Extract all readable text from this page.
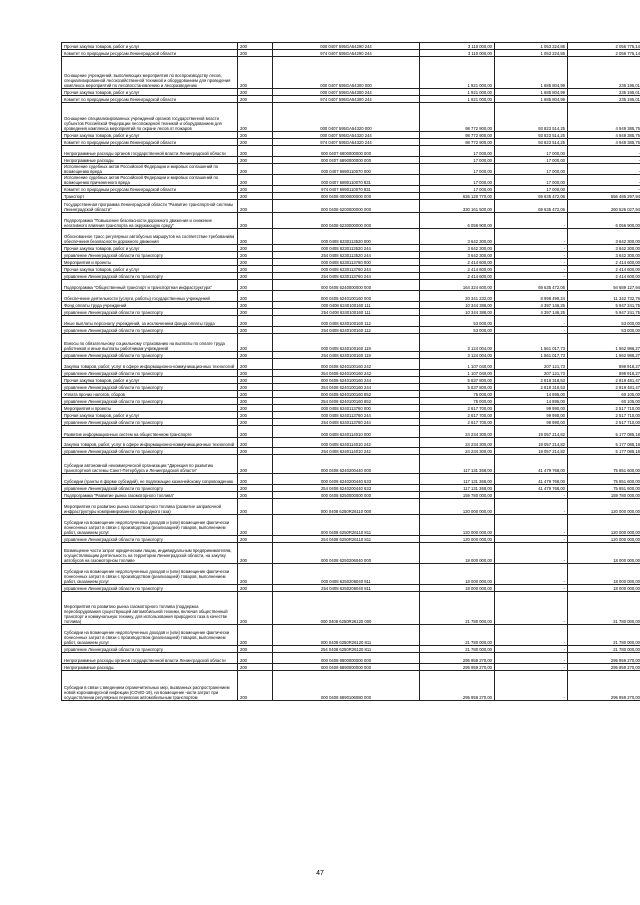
Прочая закупка товаров, работ и услуг	200	000 0407 595GA54290 244	3 110 000,00	1 053 224,86	2 056 775,14
Комитет по природным ресурсам Ленинградской области	200	974 0407 595GA54290 244	3 110 000,00	1 053 224,86	2 056 775,14
Оснащение учреждений, выполняющих мероприятия по воспроизводству лесов, специализированной лесохозяйственной техникой и оборудованием для проведения комплекса мероприятий по лесовосстановлению и лесоразведению	200	000 0407 595GA54300 000	1 921 000,00	1 685 804,99	235 195,01
Прочая закупка товаров, работ и услуг	200	000 0407 595GA54300 244	1 921 000,00	1 685 804,99	235 195,01
Комитет по природным ресурсам Ленинградской области	200	974 0407 595GA54300 244	1 921 000,00	1 685 804,99	235 195,01
Оснащение специализированных учреждений органов государственной власти субъектов Российской Федерации лесопожарной техникой и оборудованием для проведения комплекса мероприятий по охране лесов от пожаров	200	000 0407 595GA54320 000	98 772 900,00	93 823 514,25	4 949 385,75
Прочая закупка товаров, работ и услуг	200	000 0407 595GA54320 244	98 772 900,00	93 823 514,25	4 949 385,75
Комитет по природным ресурсам Ленинградской области	200	974 0407 595GA54320 244	98 772 900,00	93 823 514,25	4 949 385,75
Непрограммные расходы органов государственной власти Ленинградской области	200	000 0407 6800000000 000	17 000,00	17 000,00	-
Непрограммные расходы	200	000 0407 6890000000 000	17 000,00	17 000,00	-
Исполнение судебных актов Российской Федерации и мировых соглашений по возмещению вреда	200	000 0407 6890110070 000	17 000,00	17 000,00	-
Исполнение судебных актов Российской Федерации и мировых соглашений по возмещению причиненного вреда	200	000 0407 6890110070 831	17 000,00	17 000,00	-
Комитет по природным ресурсам Ленинградской области	200	974 0407 6890110070 831	17 000,00	17 000,00	-
Транспорт	200	000 0408 0000000000 000	626 120 770,00	69 635 472,06	556 485 297,94
Государственная программа Ленинградской области "Развитие транспортной системы Ленинградской области"	200	000 0408 6200000000 000	330 161 500,00	69 635 472,06	260 526 027,94
Подпрограмма "Повышение безопасности дорожного движения и снижение негативного влияния транспорта на окружающую среду"	200	000 0408 6230000000 000	6 056 900,00	-	6 056 900,00
Обоснованное трасс регулярных автобусных маршрутов на соответствие требованиям обеспечения безопасности дорожного движения	200	000 0408 6230113520 000	3 642 300,00	-	3 642 300,00
Прочая закупка товаров, работ и услуг	200	000 0408 6230113520 244	3 642 300,00	-	3 642 300,00
управление Ленинградской области по транспорту	200	254 0408 6230113520 244	3 642 300,00	-	3 642 300,00
Мероприятия и проекты	200	000 0408 6230113760 000	2 414 600,00	-	2 414 600,00
Прочая закупка товаров, работ и услуг	200	000 0408 6230113760 244	2 414 600,00	-	2 414 600,00
управление Ленинградской области по транспорту	200	254 0408 6230113760 244	2 414 600,00	-	2 414 600,00
Подпрограмма "Общественный транспорт и транспортная инфраструктура"	200	000 0408 6240000000 000	164 324 600,00	69 635 472,06	94 689 127,94
Обеспечение деятельности (услуги, работы) государственных учреждений	200	000 0408 6240100160 000	20 341 232,00	8 998 499,24	11 342 732,76
Фонд оплаты труда учреждений	200	000 0408 6240100160 111	10 344 388,00	4 397 146,25	5 947 241,75
управление Ленинградской области по транспорту	200	254 0408 6240100160 111	10 344 388,00	4 397 146,25	5 947 241,75
Иные выплаты персоналу учреждений, за исключением фонда оплаты труда	200	000 0408 6240100160 112	53 000,00	-	53 000,00
управление Ленинградской области по транспорту	200	254 0408 6240100160 112	53 000,00	-	53 000,00
Взносы по обязательному социальному страхованию на выплаты по оплате труда работников и иные выплаты работникам учреждений	200	000 0408 6240100160 119	3 124 004,00	1 561 017,73	1 562 986,27
управление Ленинградской области по транспорту	200	254 0408 6240100160 119	3 124 004,00	1 561 017,73	1 562 986,27
Закупка товаров, работ, услуг в сфере информационно-коммуникационных технологий	200	000 0408 6240100160 242	1 107 040,00	207 121,73	899 918,27
управление Ленинградской области по транспорту	200	254 0408 6240100160 242	1 107 040,00	207 121,73	899 918,27
Прочая закупка товаров, работ и услуг	200	000 0408 6240100160 244	5 637 800,00	2 818 318,53	2 819 481,47
управление Ленинградской области по транспорту	200	254 0408 6240100160 244	5 637 800,00	2 818 318,53	2 819 481,47
Уплата прочих налогов, сборов	200	000 0408 6240100160 852	75 000,00	14 895,00	60 105,00
управление Ленинградской области по транспорту	200	254 0408 6240100160 852	75 000,00	14 895,00	60 105,00
Мероприятия и проекты	200	000 0408 6240113760 000	2 617 700,00	99 990,00	2 517 710,00
Прочая закупка товаров, работ и услуг	200	000 0408 6240113760 244	2 617 700,00	99 990,00	2 517 710,00
управление Ленинградской области по транспорту	200	254 0408 6240113760 244	2 617 700,00	99 990,00	2 517 710,00
Развитие информационных систем на общественном транспорте	200	000 0408 6240114010 000	24 234 300,00	19 057 214,82	5 177 085,18
Закупка товаров, работ, услуг в сфере информационно-коммуникационных технологий	200	000 0408 6240114010 242	24 234 300,00	19 057 214,82	5 177 085,18
управление Ленинградской области по транспорту	200	254 0408 6240114010 242	24 234 300,00	19 057 214,82	5 177 085,18
Субсидии автономной некоммерческой организации "Дирекция по развитию транспортной системы Санкт-Петербурга и Ленинградской области"	200	000 0408 6240200440 000	117 131 368,00	41 479 768,00	75 651 600,00
Субсидии (гранты в форме субсидий), не подлежащие казначейскому сопровождению	200	000 0408 6240200440 633	117 131 368,00	41 479 768,00	75 651 600,00
управление Ленинградской области по транспорту	200	254 0408 6240200440 633	117 131 368,00	41 479 768,00	75 651 600,00
Подпрограмма "Развитие рынка газомоторного топлива"	200	000 0408 6250000000 000	159 780 000,00	-	159 780 000,00
Мероприятия по развитию рынка газомоторного топлива (развитие заправочной инфраструктуры компримированного природного газа)	200	000 0408 6250R26110 000	120 000 000,00	-	120 000 000,00
Субсидии на возмещение недополученных доходов и (или) возмещение фактически понесенных затрат в связи с производством (реализацией) товаров, выполнением работ, оказанием услуг	200	000 0408 6250R26110 811	120 000 000,00	-	120 000 000,00
управление Ленинградской области по транспорту	200	254 0408 6250R26110 811	120 000 000,00	-	120 000 000,00
Возмещение части затрат юридическим лицам, индивидуальным предпринимателям, осуществляющим деятельность на территории Ленинградской области, на закупку автобусов на газомоторном топливе	200	000 0408 6250206040 000	18 000 000,00	-	18 000 000,00
Субсидии на возмещение недополученных доходов и (или) возмещение фактически понесенных затрат в связи с производством (реализацией) товаров, выполнением работ, оказанием услуг	200	000 0408 6250206040 811	18 000 000,00	-	18 000 000,00
управление Ленинградской области по транспорту	200	254 0408 6250206040 811	18 000 000,00	-	18 000 000,00
Мероприятия по развитию рынка газомоторного топлива (поддержка переоборудования существующей автомобильной техники, включая общественный транспорт и коммунальную технику, для использования природного газа в качестве топлива)	200	000 0408 6250R26120 000	21 780 000,00	-	21 780 000,00
Субсидии на возмещение недополученных доходов и (или) возмещение фактически понесенных затрат в связи с производством (реализацией) товаров, выполнением работ, оказанием услуг	200	000 0408 6250R26120 811	21 780 000,00	-	21 780 000,00
управление Ленинградской области по транспорту	200	254 0408 6250R26120 811	21 780 000,00	-	21 780 000,00
Непрограммные расходы органов государственной власти Ленинградской области	200	000 0408 6800000000 000	295 959 270,00	-	295 959 270,00
Непрограммные расходы	200	000 0408 6890000000 000	295 959 270,00	-	295 959 270,00
Субсидии в связи с введением ограничительных мер, вызванных распространением новой коронавирусной инфекции (COVID-19), на возмещение части затрат при осуществлении регулярных перевозок автомобильным транспортом	200	000 0408 6890106080 000	295 959 270,00	-	295 959 270,00
47
